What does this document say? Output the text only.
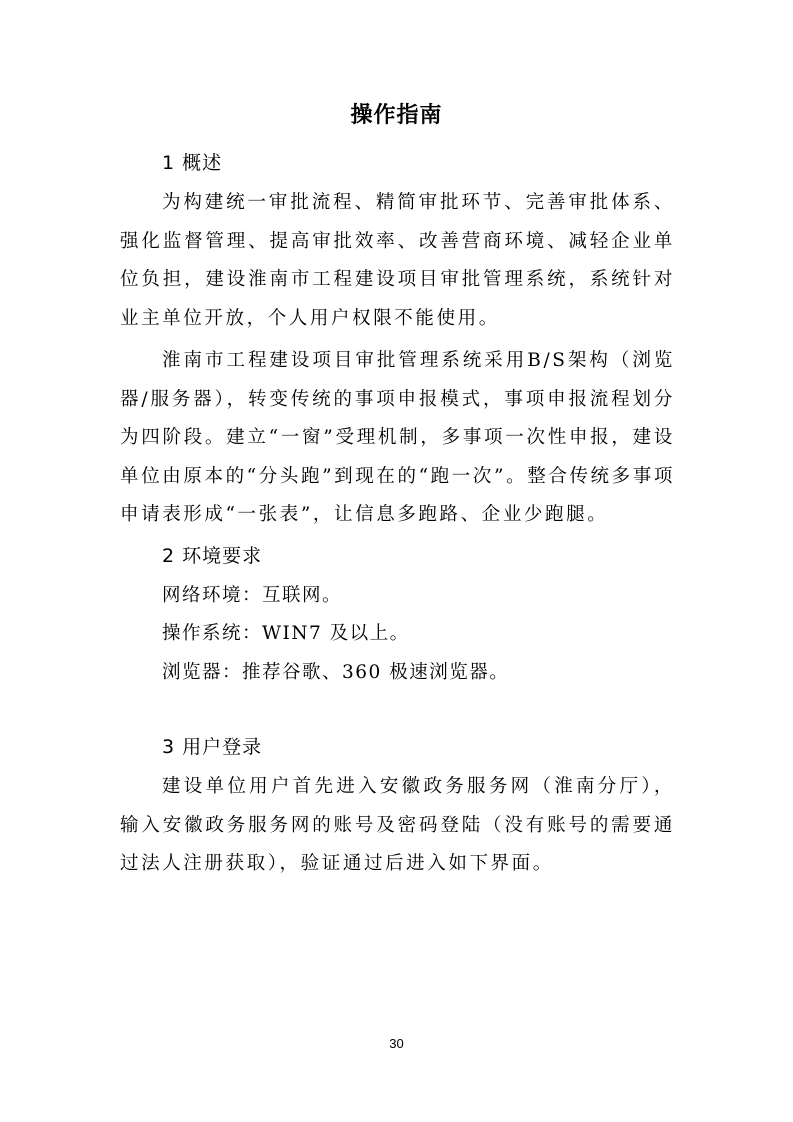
操作指南

1 概述

为构建统一审批流程、精简审批环节、完善审批体系、强化监督管理、提高审批效率、改善营商环境、减轻企业单位负担，建设淮南市工程建设项目审批管理系统，系统针对业主单位开放，个人用户权限不能使用。

淮南市工程建设项目审批管理系统采用B/S架构（浏览器/服务器），转变传统的事项申报模式，事项申报流程划分为四阶段。建立“一窗”受理机制，多事项一次性申报，建设单位由原本的“分头跑”到现在的“跑一次”。整合传统多事项申请表形成“一张表”，让信息多跑路、企业少跑腿。

2 环境要求

网络环境：互联网。

操作系统：WIN7 及以上。

浏览器：推荐谷歌、360 极速浏览器。

3 用户登录

建设单位用户首先进入安徽政务服务网（淮南分厅），输入安徽政务服务网的账号及密码登陆（没有账号的需要通过法人注册获取），验证通过后进入如下界面。

30
